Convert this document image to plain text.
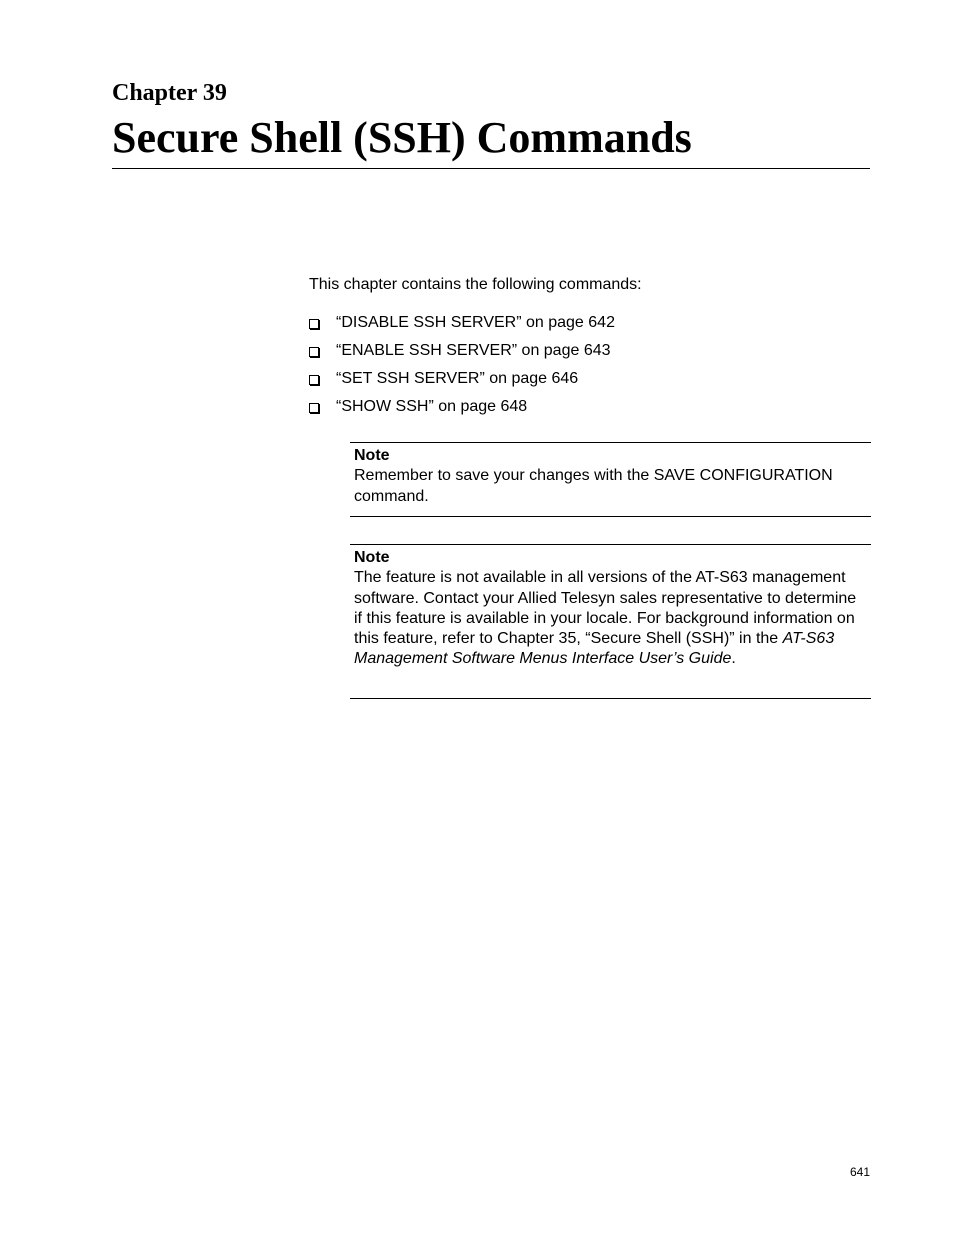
Chapter 39
Secure Shell (SSH) Commands

This chapter contains the following commands:

“DISABLE SSH SERVER” on page 642
“ENABLE SSH SERVER” on page 643
“SET SSH SERVER” on page 646
“SHOW SSH” on page 648
Note
Remember to save your changes with the SAVE CONFIGURATION command.
Note
The feature is not available in all versions of the AT-S63 management software. Contact your Allied Telesyn sales representative to determine if this feature is available in your locale. For background information on this feature, refer to Chapter 35, “Secure Shell (SSH)” in the AT-S63 Management Software Menus Interface User’s Guide.
641
